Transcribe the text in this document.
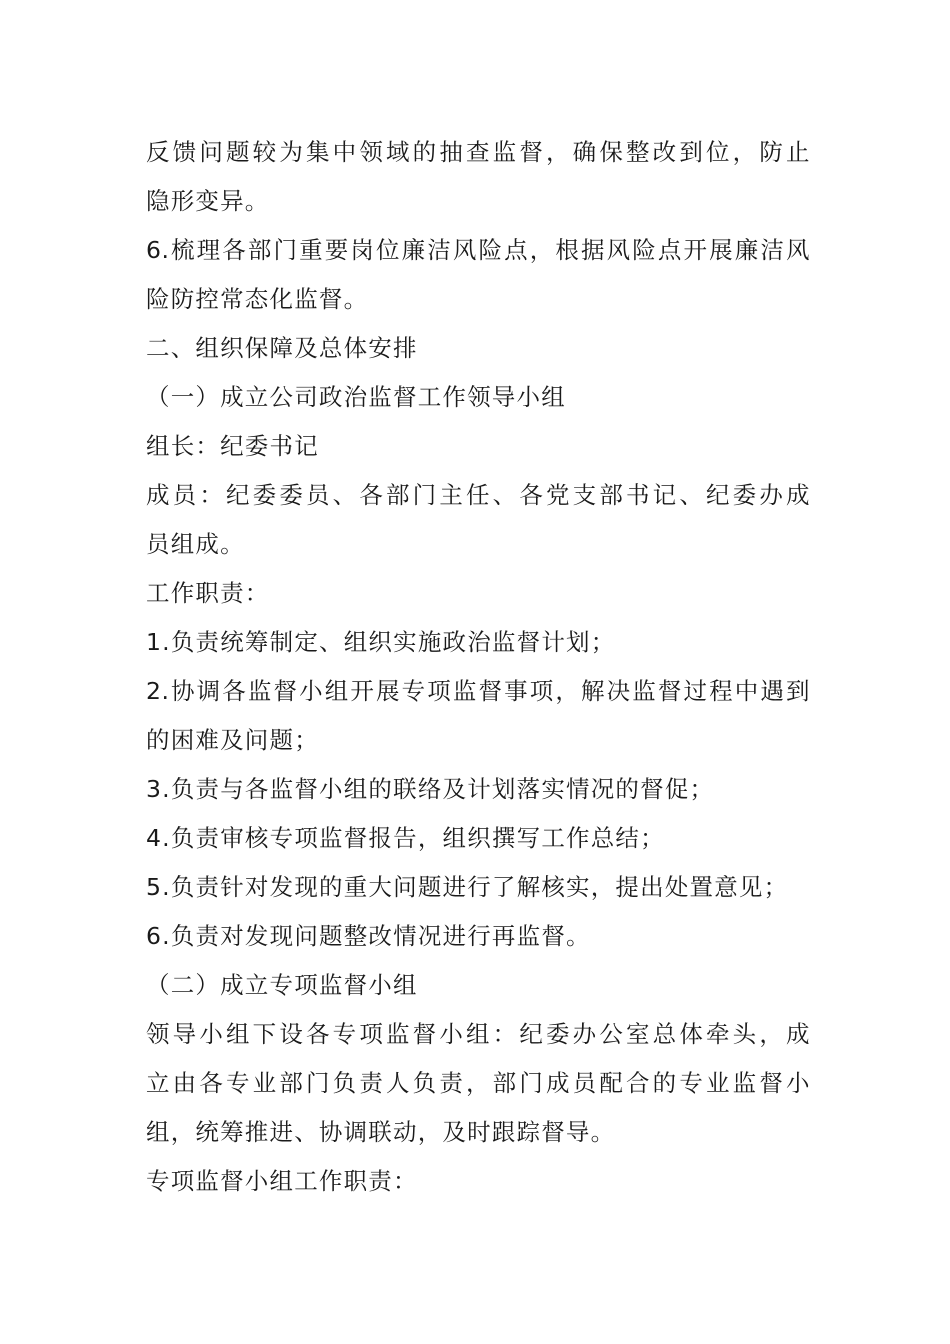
反馈问题较为集中领域的抽查监督，确保整改到位，防止
隐形变异。
6.梳理各部门重要岗位廉洁风险点，根据风险点开展廉洁风
险防控常态化监督。
二、组织保障及总体安排
（一）成立公司政治监督工作领导小组
组长：纪委书记
成员：纪委委员、各部门主任、各党支部书记、纪委办成
员组成。
工作职责：
1.负责统筹制定、组织实施政治监督计划；
2.协调各监督小组开展专项监督事项，解决监督过程中遇到
的困难及问题；
3.负责与各监督小组的联络及计划落实情况的督促；
4.负责审核专项监督报告，组织撰写工作总结；
5.负责针对发现的重大问题进行了解核实，提出处置意见；
6.负责对发现问题整改情况进行再监督。
（二）成立专项监督小组
领导小组下设各专项监督小组：纪委办公室总体牵头，成
立由各专业部门负责人负责，部门成员配合的专业监督小
组，统筹推进、协调联动，及时跟踪督导。
专项监督小组工作职责：
